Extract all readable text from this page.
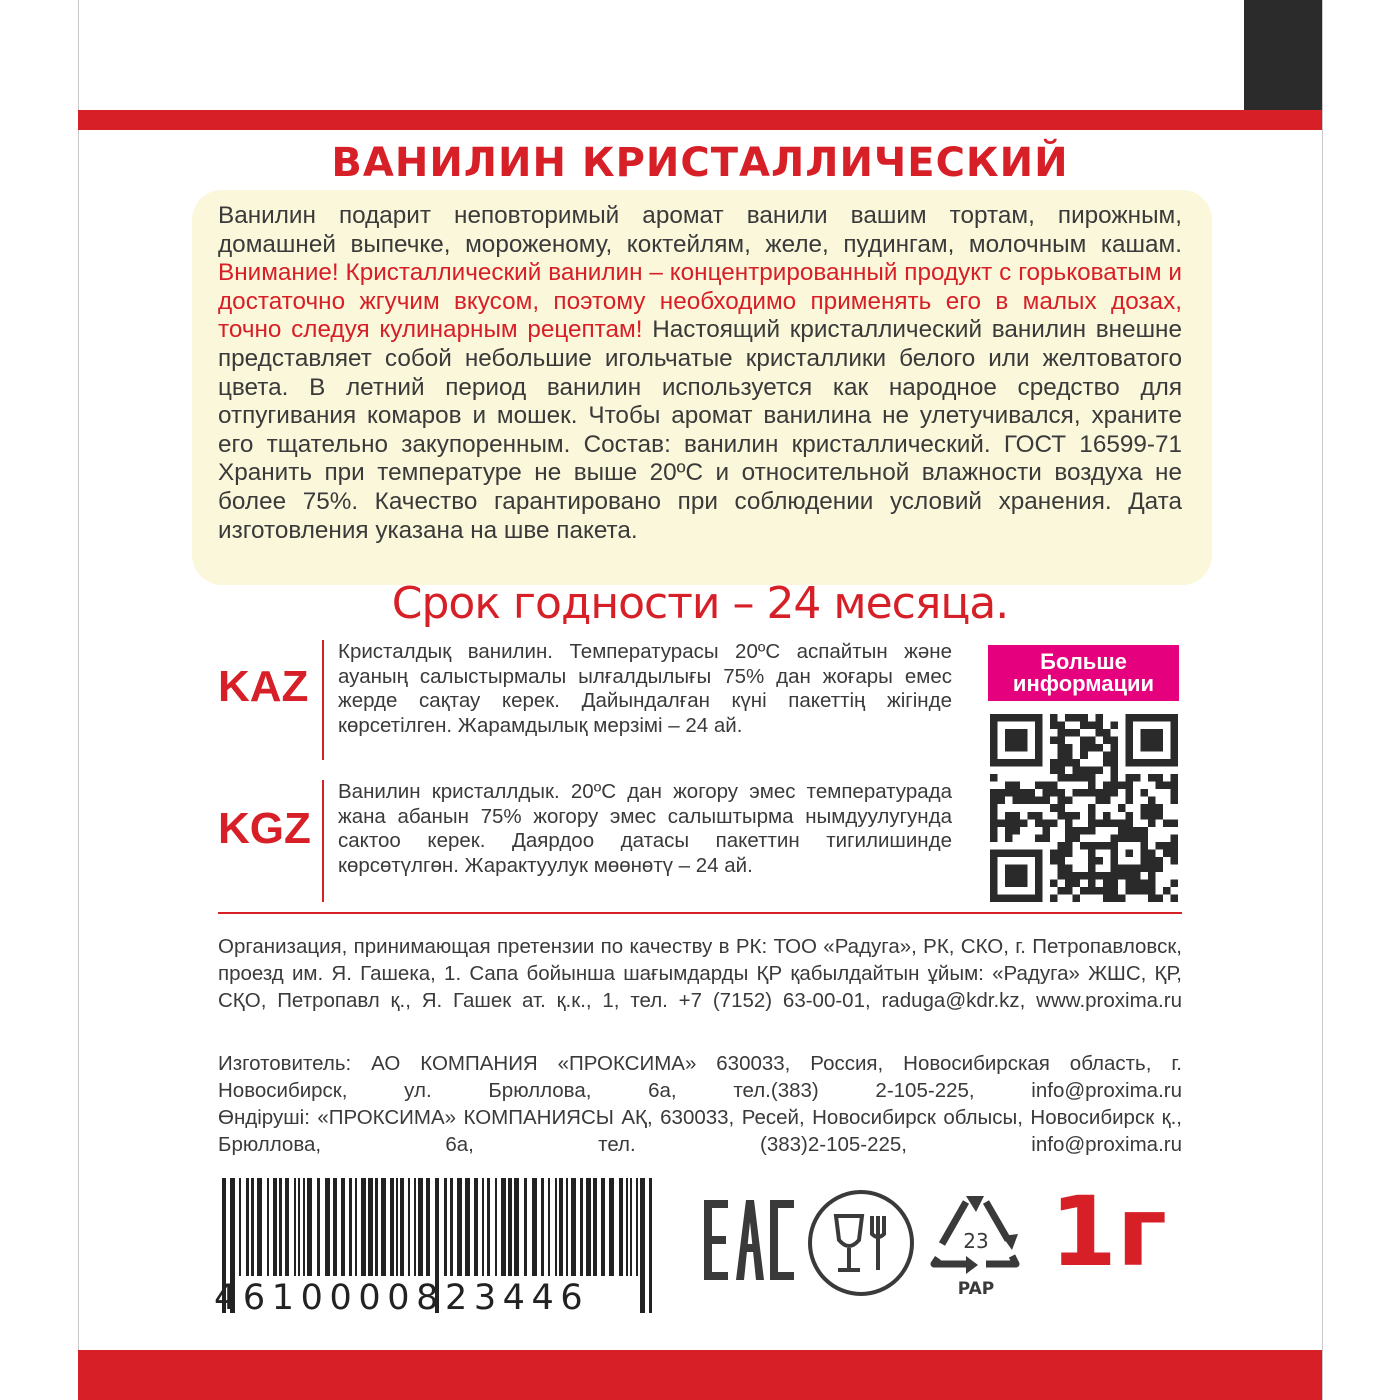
ВАНИЛИН КРИСТАЛЛИЧЕСКИЙ

Ванилин подарит неповторимый аромат ванили вашим тортам, пирожным, домашней выпечке, мороженому, коктейлям, желе, пудингам, молочным кашам. Внимание! Кристаллический ванилин – концентрированный продукт с горьковатым и достаточно жгучим вкусом, поэтому необходимо применять его в малых дозах, точно следуя кулинарным рецептам! Настоящий кристаллический ванилин внешне представляет собой небольшие игольчатые кристаллики белого или желтоватого цвета. В летний период ванилин используется как народное средство для отпугивания комаров и мошек. Чтобы аромат ванилина не улетучивался, храните его тщательно закупоренным. Состав: ванилин кристаллический. ГОСТ 16599-71 Хранить при температуре не выше 20ºС и относительной влажности воздуха не более 75%. Качество гарантировано при соблюдении условий хранения. Дата изготовления указана на шве пакета.

Срок годности – 24 месяца.
KAZ

Кристалдық ванилин. Температурасы 20ºС аспайтын және ауаның салыстырмалы ылғалдылығы 75% дан жоғары емес жерде сақтау керек. Дайындалған күні пакеттің жігінде көрсетілген. Жарамдылық мерзімі – 24 ай.

KGZ

Ванилин кристаллдык. 20ºС дан жогору эмес температурада жана абанын 75% жогору эмес салыштырма нымдуулугунда сактоо керек. Даярдоо датасы пакеттин тигилишинде көрсөтүлгөн. Жарактуулук мөөнөтү – 24 ай.

Больше
информации

Организация, принимающая претензии по качеству в РК: ТОО «Радуга», РК, СКО, г. Петропавловск, проезд им. Я. Гашека, 1. Сапа бойынша шағымдарды ҚР қабылдайтын ұйым: «Радуга» ЖШС, ҚР, СҚО, Петропавл қ., Я. Гашек ат. қ.к., 1, тел. +7 (7152) 63-00-01, raduga@kdr.kz, www.proxima.ru

Изготовитель: АО КОМПАНИЯ «ПРОКСИМА» 630033, Россия, Новосибирская область, г. Новосибирск, ул. Брюллова, 6а, тел.(383) 2-105-225, info@proxima.ru

Өндіруші: «ПРОКСИМА» КОМПАНИЯСЫ АҚ, 630033, Ресей, Новосибирск облысы, Новосибирск қ., Брюллова, 6а, тел. (383)2-105-225, info@proxima.ru

4610000823446
23
PAP
1г
